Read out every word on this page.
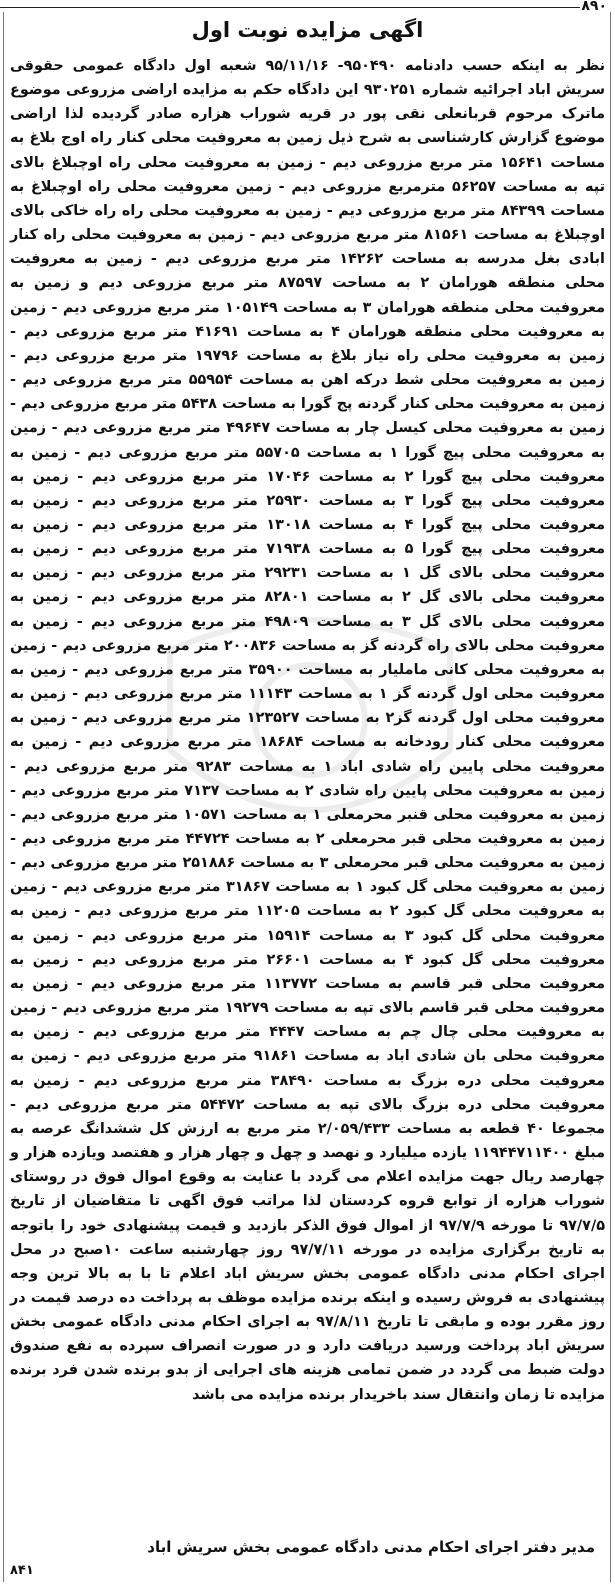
۸۹۰
اگهی مزایده نوبت اول

نظر به اینکه حسب دادنامه ۹۵۰۴۹۰- ۹۵/۱۱/۱۶ شعبه اول دادگاه عمومی حقوقی سریش اباد اجرائیه شماره ۹۳۰۲۵۱ این دادگاه حکم به مزایده اراضی مزروعی موضوع ماترک مرحوم قربانعلی نقی پور در قریه شوراب هزاره صادر گردیده لذا اراضی موضوع گزارش کارشناسی به شرح ذیل زمین به معروفیت محلی کنار راه اوج بلاغ به مساحت ۱۵۶۴۱ متر مربع مزروعی دیم - زمین به معروفیت محلی راه اوچبلاغ بالای تپه به مساحت ۵۶۲۵۷ مترمربع مزروعی دیم - زمین معروفیت محلی راه اوچبلاغ به مساحت ۸۴۳۹۹ متر مربع مزروعی دیم - زمین به معروفیت محلی راه راه خاکی بالای اوچبلاغ به مساحت ۸۱۵۶۱ متر مربع مزروعی دیم - زمین به معروفیت محلی راه کنار ابادی بغل مدرسه به مساحت ۱۴۲۶۲ متر مربع مزروعی دیم - زمین به معروفیت محلی منطقه هورامان ۲ به مساحت ۸۷۵۹۷ متر مربع مزروعی دیم و زمین به معروفیت محلی منطقه هورامان ۳ به مساحت ۱۰۵۱۴۹ متر مربع مزروعی دیم - زمین به معروفیت محلی منطقه هورامان ۴ به مساحت ۴۱۶۹۱ متر مربع مزروعی دیم - زمین به معروفیت محلی راه نیاز بلاغ به مساحت ۱۹۷۹۶ متر مربع مزروعی دیم - زمین به معروفیت محلی شط درکه اهن به مساحت ۵۵۹۵۴ متر مربع مزروعی دیم - زمین به معروفیت محلی کنار گردنه پج گورا به مساحت ۵۴۳۸ متر مربع مزروعی دیم - زمین به معروفیت محلی کیسل چار به مساحت ۴۹۶۴۷ متر مربع مزروعی دیم - زمین به معروفیت محلی پیچ گورا ۱ به مساحت ۵۵۷۰۵ متر مربع مزروعی دیم - زمین به معروفیت محلی پیچ گورا ۲ به مساحت ۱۷۰۴۶ متر مربع مزروعی دیم - زمین به معروفیت محلی پیچ گورا ۳ به مساحت ۲۵۹۳۰ متر مربع مزروعی دیم - زمین به معروفیت محلی پیچ گورا ۴ به مساحت ۱۳۰۱۸ متر مربع مزروعی دیم - زمین به معروفیت محلی پیچ گورا ۵ به مساحت ۷۱۹۳۸ متر مربع مزروعی دیم - زمین به معروفیت محلی بالای گل ۱ به مساحت ۲۹۲۳۱ متر مربع مزروعی دیم - زمین به معروفیت محلی بالای گل ۲ به مساحت ۸۲۸۰۱ متر مربع مزروعی دیم - زمین به معروفیت محلی بالای گل ۳ به مساحت ۴۹۸۰۹ متر مربع مزروعی دیم - زمین به معروفیت محلی بالای راه گردنه گز به مساحت ۲۰۰۸۳۶ متر مربع مزروعی دیم - زمین به معروفیت محلی کانی ماملیار به مساحت ۳۵۹۰۰ متر مربع مزروعی دیم - زمین به معروفیت محلی اول گردنه گز ۱ به مساحت ۱۱۱۴۳ متر مربع مزروعی دیم - زمین به معروفیت محلی اول گردنه گز۲ به مساحت ۱۲۳۵۲۷ متر مربع مزروعی دیم - زمین به معروفیت محلی کنار رودخانه به مساحت ۱۸۶۸۴ متر مربع مزروعی دیم - زمین به معروفیت محلی پایین راه شادی اباد ۱ به مساحت ۹۲۸۳ متر مربع مزروعی دیم - زمین به معروفیت محلی پایین راه شادی ۲ به مساحت ۷۱۳۷ متر مربع مزروعی دیم - زمین به معروفیت محلی قنبر محرمعلی ۱ به مساحت ۱۰۵۷۱ متر مربع مزروعی دیم - زمین به معروفیت محلی قبر محرمعلی ۲ به مساحت ۴۴۷۲۴ متر مربع مزروعی دیم - زمین به معروفیت محلی قبر محرمعلی ۳ به مساحت ۲۵۱۸۸۶ متر مربع مزروعی دیم - زمین به معروفیت محلی گل کبود ۱ به مساحت ۳۱۸۶۷ متر مربع مزروعی دیم - زمین به معروفیت محلی گل کبود ۲ به مساحت ۱۱۲۰۵ متر مربع مزروعی دیم - زمین به معروفیت محلی گل کبود ۳ به مساحت ۱۵۹۱۴ متر مربع مزروعی دیم - زمین به معروفیت محلی گل کبود ۴ به مساحت ۲۶۶۰۱ متر مربع مزروعی دیم - زمین به معروفیت محلی قبر قاسم به مساحت ۱۱۳۷۷۲ متر مربع مزروعی دیم - زمین به معروفیت محلی قبر قاسم بالای تپه به مساحت ۱۹۲۷۹ متر مربع مزروعی دیم - زمین به معروفیت محلی چال چم به مساحت ۴۴۴۷ متر مربع مزروعی دیم - زمین به معروفیت محلی بان شادی اباد به مساحت ۹۱۸۶۱ متر مربع مزروعی دیم - زمین به معروفیت محلی دره بزرگ به مساحت ۳۸۴۹۰ متر مربع مزروعی دیم - زمین به معروفیت محلی دره بزرگ بالای تپه به مساحت ۵۴۴۷۲ متر مربع مزروعی دیم - مجموعا ۴۰ قطعه به مساحت ۲/۰۵۹/۴۳۳ متر مربع به ارزش کل ششدانگ عرصه به مبلغ ۱۱۹۴۴۷۱۱۴۰۰ یازده میلیارد و نهصد و چهل و چهار هزار و هفتصد ویازده هزار و چهارصد ریال جهت مزایده اعلام می گردد با عنایت به وقوع اموال فوق در روستای شوراب هزاره از توابع قروه کردستان لذا مراتب فوق اگهی تا متقاضیان از تاریخ ۹۷/۷/۵ تا مورخه ۹۷/۷/۹ از اموال فوق الذکر بازدید و قیمت پیشنهادی خود را باتوجه به تاریخ برگزاری مزایده در مورخه ۹۷/۷/۱۱ روز چهارشنبه ساعت ۱۰صبح در محل اجرای احکام مدنی دادگاه عمومی بخش سریش اباد اعلام تا با به بالا ترین وجه پیشنهادی به فروش رسیده و اینکه برنده مزایده موظف به پرداخت ده درصد قیمت در روز مقرر بوده و مابقی تا تاریخ ۹۷/۸/۱۱ به اجرای احکام مدنی دادگاه عمومی بخش سریش اباد پرداخت ورسید دریافت دارد و در صورت انصراف سپرده به نفع صندوق دولت ضبط می گردد در ضمن تمامی هزینه های اجرایی از بدو برنده شدن فرد برنده مزایده تا زمان وانتقال سند باخریدار برنده مزایده می باشد

مدیر دفتر اجرای احکام مدنی دادگاه عمومی بخش سریش اباد
۸۴۱
